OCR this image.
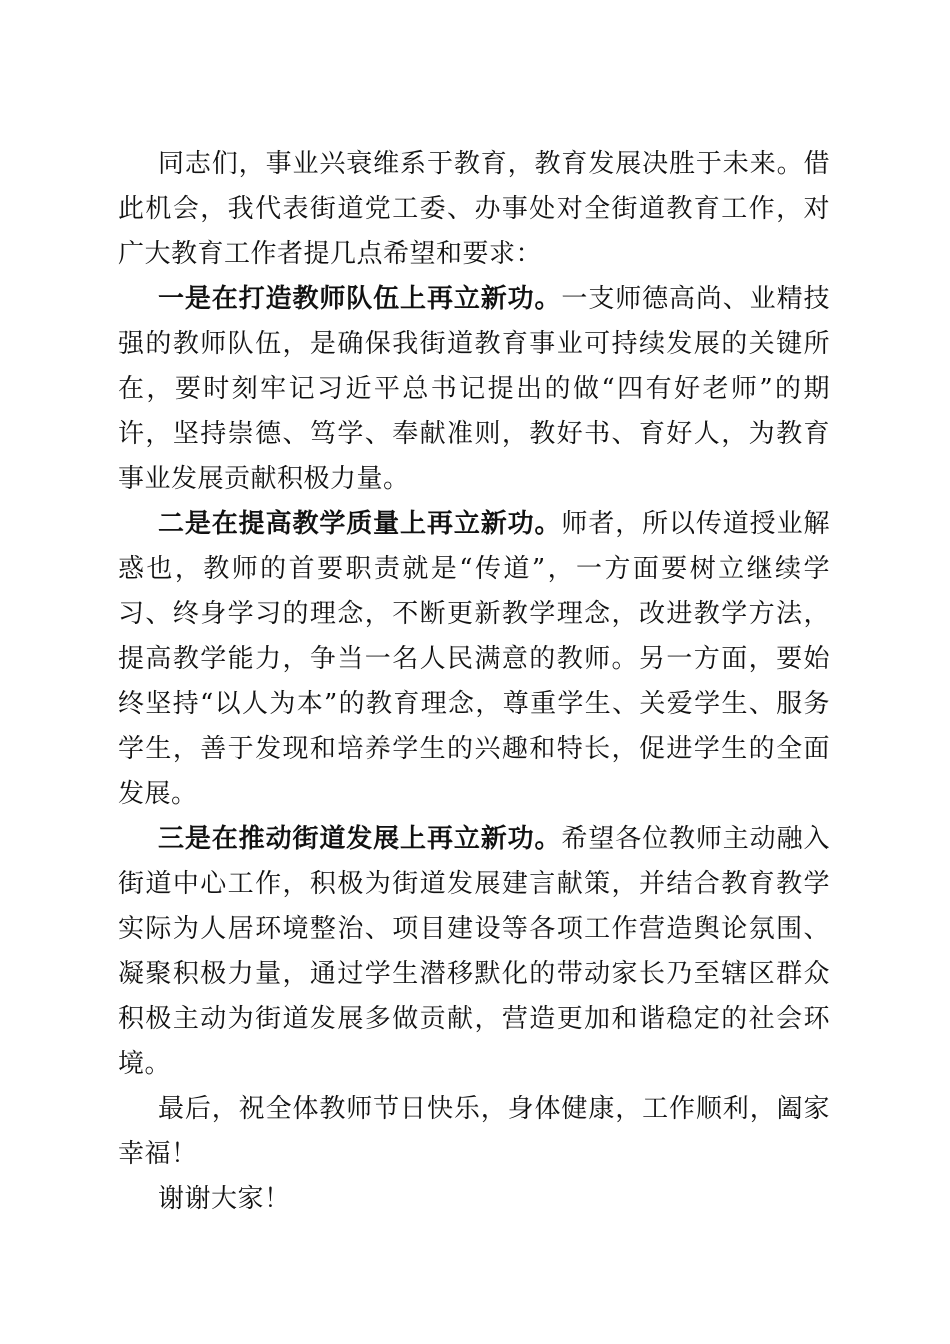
同志们，事业兴衰维系于教育，教育发展决胜于未来。借此机会，我代表街道党工委、办事处对全街道教育工作，对广大教育工作者提几点希望和要求：

一是在打造教师队伍上再立新功。一支师德高尚、业精技强的教师队伍，是确保我街道教育事业可持续发展的关键所在，要时刻牢记习近平总书记提出的做“四有好老师”的期许，坚持崇德、笃学、奉献准则，教好书、育好人，为教育事业发展贡献积极力量。

二是在提高教学质量上再立新功。师者，所以传道授业解惑也，教师的首要职责就是“传道”，一方面要树立继续学习、终身学习的理念，不断更新教学理念，改进教学方法，提高教学能力，争当一名人民满意的教师。另一方面，要始终坚持“以人为本”的教育理念，尊重学生、关爱学生、服务学生，善于发现和培养学生的兴趣和特长，促进学生的全面发展。

三是在推动街道发展上再立新功。希望各位教师主动融入街道中心工作，积极为街道发展建言献策，并结合教育教学实际为人居环境整治、项目建设等各项工作营造舆论氛围、凝聚积极力量，通过学生潜移默化的带动家长乃至辖区群众积极主动为街道发展多做贡献，营造更加和谐稳定的社会环境。

最后，祝全体教师节日快乐，身体健康，工作顺利，阖家幸福！

谢谢大家！
